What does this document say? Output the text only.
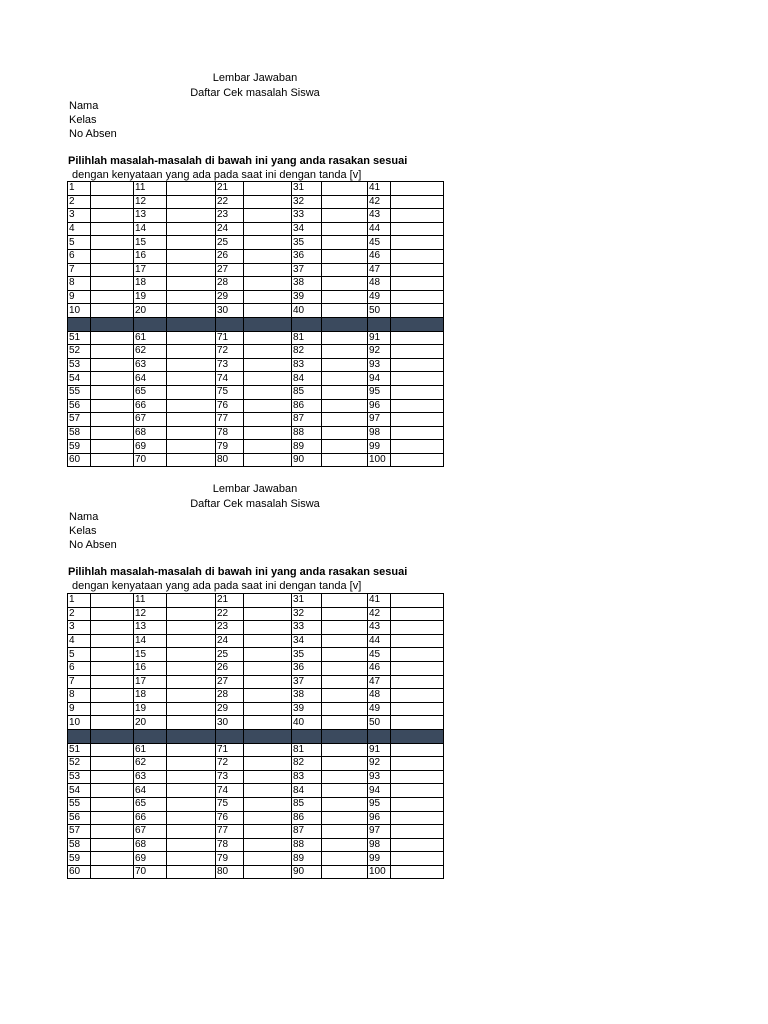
Lembar Jawaban
Daftar Cek masalah Siswa
Nama
Kelas
No Absen
Pilihlah masalah-masalah di bawah ini yang anda rasakan sesuai
dengan kenyataan yang ada pada saat ini dengan tanda [v]
1		11		21		31		41	
2		12		22		32		42	
3		13		23		33		43	
4		14		24		34		44	
5		15		25		35		45	
6		16		26		36		46	
7		17		27		37		47	
8		18		28		38		48	
9		19		29		39		49	
10		20		30		40		50	

51		61		71		81		91	
52		62		72		82		92	
53		63		73		83		93	
54		64		74		84		94	
55		65		75		85		95	
56		66		76		86		96	
57		67		77		87		97	
58		68		78		88		98	
59		69		79		89		99	
60		70		80		90		100	
Lembar Jawaban
Daftar Cek masalah Siswa
Nama
Kelas
No Absen
Pilihlah masalah-masalah di bawah ini yang anda rasakan sesuai
dengan kenyataan yang ada pada saat ini dengan tanda [v]
1		11		21		31		41	
2		12		22		32		42	
3		13		23		33		43	
4		14		24		34		44	
5		15		25		35		45	
6		16		26		36		46	
7		17		27		37		47	
8		18		28		38		48	
9		19		29		39		49	
10		20		30		40		50	

51		61		71		81		91	
52		62		72		82		92	
53		63		73		83		93	
54		64		74		84		94	
55		65		75		85		95	
56		66		76		86		96	
57		67		77		87		97	
58		68		78		88		98	
59		69		79		89		99	
60		70		80		90		100	
